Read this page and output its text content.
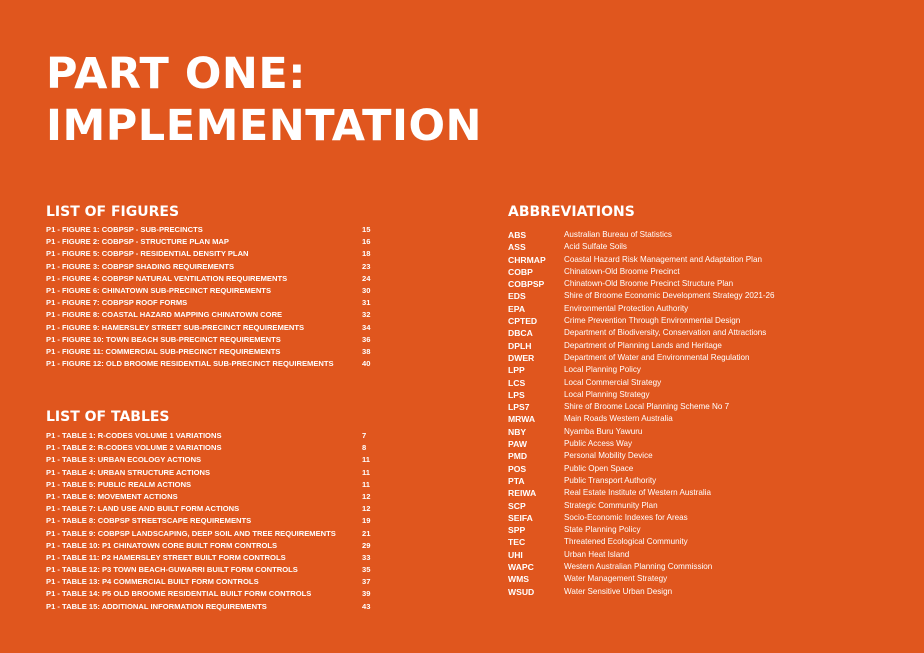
PART ONE:
IMPLEMENTATION
LIST OF FIGURES
P1 - FIGURE 1: COBPSP - SUB-PRECINCTS	15
P1 - FIGURE 2: COBPSP - STRUCTURE PLAN MAP	16
P1 - FIGURE 5: COBPSP - RESIDENTIAL DENSITY PLAN	18
P1 - FIGURE 3: COBPSP SHADING REQUIREMENTS	23
P1 - FIGURE 4: COBPSP NATURAL VENTILATION REQUIREMENTS	24
P1 - FIGURE 6: CHINATOWN SUB-PRECINCT REQUIREMENTS	30
P1 - FIGURE 7: COBPSP ROOF FORMS	31
P1 - FIGURE 8: COASTAL HAZARD MAPPING CHINATOWN CORE	32
P1 - FIGURE 9: HAMERSLEY STREET SUB-PRECINCT REQUIREMENTS	34
P1 - FIGURE 10: TOWN BEACH SUB-PRECINCT REQUIREMENTS	36
P1 - FIGURE 11: COMMERCIAL SUB-PRECINCT REQUIREMENTS	38
P1 - FIGURE 12: OLD BROOME RESIDENTIAL SUB-PRECINCT REQUIREMENTS	40
LIST OF TABLES
P1 - TABLE 1: R-CODES VOLUME 1 VARIATIONS	7
P1 - TABLE 2: R-CODES VOLUME 2 VARIATIONS	8
P1 - TABLE 3: URBAN ECOLOGY ACTIONS	11
P1 - TABLE 4: URBAN STRUCTURE ACTIONS	11
P1 - TABLE 5: PUBLIC REALM ACTIONS	11
P1 - TABLE 6: MOVEMENT ACTIONS	12
P1 - TABLE 7: LAND USE AND BUILT FORM ACTIONS	12
P1 - TABLE 8: COBPSP STREETSCAPE REQUIREMENTS	19
P1 - TABLE 9: COBPSP LANDSCAPING, DEEP SOIL AND TREE REQUIREMENTS	21
P1 - TABLE 10: P1 CHINATOWN CORE BUILT FORM CONTROLS	29
P1 - TABLE 11: P2 HAMERSLEY STREET BUILT FORM CONTROLS	33
P1 - TABLE 12: P3 TOWN BEACH-GUWARRI BUILT FORM CONTROLS	35
P1 - TABLE 13: P4 COMMERCIAL BUILT FORM CONTROLS	37
P1 - TABLE 14: P5 OLD BROOME RESIDENTIAL BUILT FORM CONTROLS	39
P1 - TABLE 15: ADDITIONAL INFORMATION REQUIREMENTS	43
ABBREVIATIONS
ABS	Australian Bureau of Statistics
ASS	Acid Sulfate Soils
CHRMAP	Coastal Hazard Risk Management and Adaptation Plan
COBP	Chinatown-Old Broome Precinct
COBPSP	Chinatown-Old Broome Precinct Structure Plan
EDS	Shire of Broome Economic Development Strategy 2021-26
EPA	Environmental Protection Authority
CPTED	Crime Prevention Through Environmental Design
DBCA	Department of Biodiversity, Conservation and Attractions
DPLH	Department of Planning Lands and Heritage
DWER	Department of Water and Environmental Regulation
LPP	Local Planning Policy
LCS	Local Commercial Strategy
LPS	Local Planning Strategy
LPS7	Shire of Broome Local Planning Scheme No 7
MRWA	Main Roads Western Australia
NBY	Nyamba Buru Yawuru
PAW	Public Access Way
PMD	Personal Mobility Device
POS	Public Open Space
PTA	Public Transport Authority
REIWA	Real Estate Institute of Western Australia
SCP	Strategic Community Plan
SEIFA	Socio-Economic Indexes for Areas
SPP	State Planning Policy
TEC	Threatened Ecological Community
UHI	Urban Heat Island
WAPC	Western Australian Planning Commission
WMS	Water Management Strategy
WSUD	Water Sensitive Urban Design
